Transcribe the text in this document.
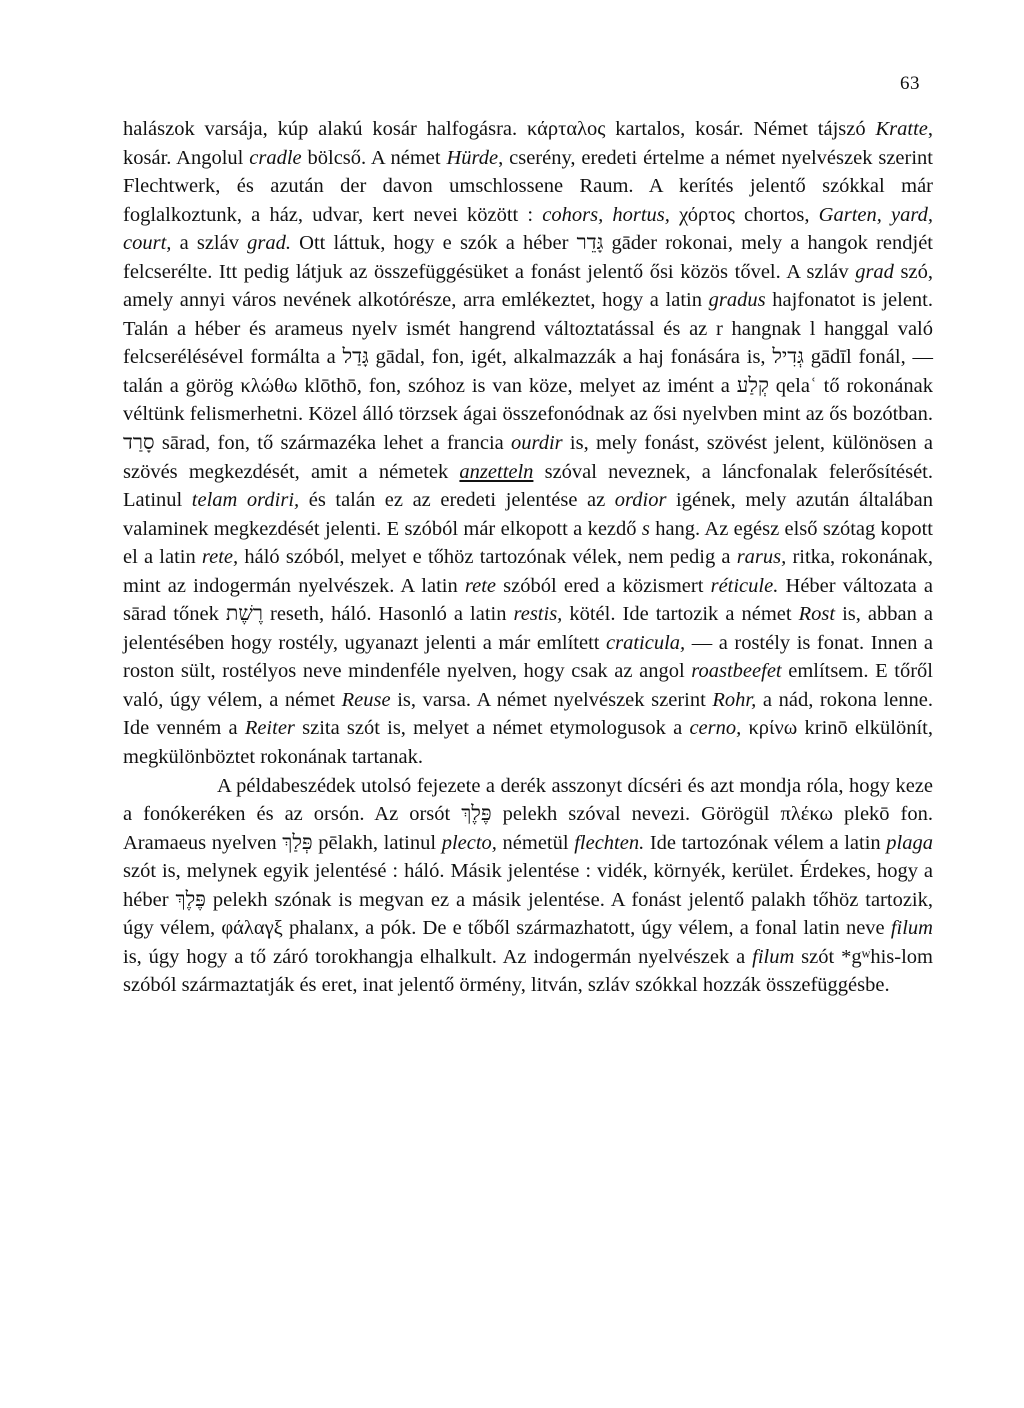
63

halászok varsája, kúp alakú kosár halfogásra. κάρταλος kartalos, kosár. Német tájszó Kratte, kosár. Angolul cradle bölcső. A német Hürde, cserény, eredeti értelme a német nyelvészek szerint Flechtwerk, és azután der davon umschlossene Raum. A kerítés jelentő szókkal már foglalkoztunk, a ház, udvar, kert nevei között : cohors, hortus, χόρτος chortos, Garten, yard, court, a szláv grad. Ott láttuk, hogy e szók a héber גָּדֵר gāder rokonai, mely a hangok rendjét felcserélte. Itt pedig látjuk az összefüggésüket a fonást jelentő ősi közös tővel. A szláv grad szó, amely annyi város nevének alkotórésze, arra emlékeztet, hogy a latin gradus hajfonatot is jelent. Talán a héber és arameus nyelv ismét hangrend változtatással és az r hangnak l hanggal való felcserélésével formálta a גָּדַל gādal, fon, igét, alkalmazzák a haj fonására is, גְּדִיל gādīl fonál, — talán a görög κλώθω klōthō, fon, szóhoz is van köze, melyet az imént a קְלַע qelaʿ tő rokonának véltünk felismerhetni. Közel álló törzsek ágai összefonódnak az ősi nyelvben mint az ős bozótban. סָרַד sārad, fon, tő származéka lehet a francia ourdir is, mely fonást, szövést jelent, különösen a szövés megkezdését, amit a németek anzetteln szóval neveznek, a láncfonalak felerősítését. Latinul telam ordiri, és talán ez az eredeti jelentése az ordior igének, mely azután általában valaminek megkezdését jelenti. E szóból már elkopott a kezdő s hang. Az egész első szótag kopott el a latin rete, háló szóból, melyet e tőhöz tartozónak vélek, nem pedig a rarus, ritka, rokonának, mint az indogermán nyelvészek. A latin rete szóból ered a közismert réticule. Héber változata a sārad tőnek רֶשֶׁת reseth, háló. Hasonló a latin restis, kötél. Ide tartozik a német Rost is, abban a jelentésében hogy rostély, ugyanazt jelenti a már említett craticula, — a rostély is fonat. Innen a roston sült, rostélyos neve mindenféle nyelven, hogy csak az angol roastbeefet említsem. E tőről való, úgy vélem, a német Reuse is, varsa. A német nyelvészek szerint Rohr, a nád, rokona lenne. Ide venném a Reiter szita szót is, melyet a német etymologusok a cerno, κρίνω krinō elkülönít, megkülönböztet rokonának tartanak.

A példabeszédek utolsó fejezete a derék asszonyt dícséri és azt mondja róla, hogy keze a fonókeréken és az orsón. Az orsót פֶּלֶךְ pelekh szóval nevezi. Görögül πλέκω plekō fon. Aramaeus nyelven פְּלַךְ pēlakh, latinul plecto, németül flechten. Ide tartozónak vélem a latin plaga szót is, melynek egyik jelentésé : háló. Másik jelentése : vidék, környék, kerület. Érdekes, hogy a héber פֶּלֶךְ pelekh szónak is megvan ez a másik jelentése. A fonást jelentő palakh tőhöz tartozik, úgy vélem, φάλαγξ phalanx, a pók. De e tőből származhatott, úgy vélem, a fonal latin neve filum is, úgy hogy a tő záró torokhangja elhalkult. Az indogermán nyelvészek a filum szót *gʷhis-lom szóból származtatják és eret, inat jelentő örmény, litván, szláv szókkal hozzák összefüggésbe.
